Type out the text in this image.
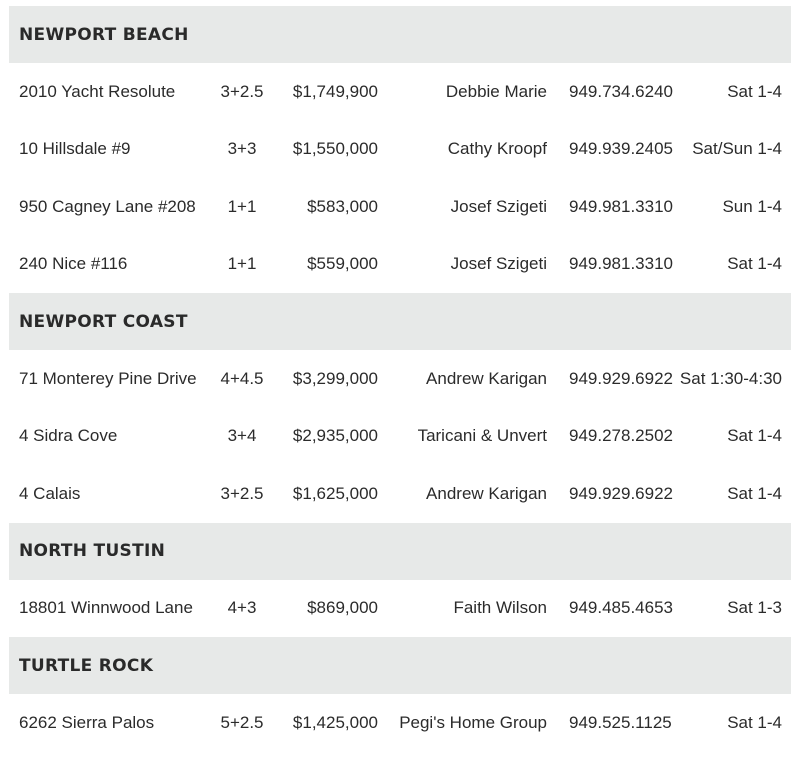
NEWPORT BEACH
2010 Yacht Resolute	3+2.5	$1,749,900	Debbie Marie 949.734.6240	Sat 1-4
10 Hillsdale #9	3+3	$1,550,000	Cathy Kroopf 949.939.2405 Sat/Sun 1-4
950 Cagney Lane #208	1+1	$583,000	Josef Szigeti 949.981.3310	Sun 1-4
240 Nice #116	1+1	$559,000	Josef Szigeti 949.981.3310	Sat 1-4
NEWPORT COAST
71 Monterey Pine Drive	4+4.5	$3,299,000	Andrew Karigan 949.929.6922 Sat 1:30-4:30
4 Sidra Cove	3+4	$2,935,000 Taricani & Unvert 949.278.2502	Sat 1-4
4 Calais	3+2.5	$1,625,000	Andrew Karigan 949.929.6922	Sat 1-4
NORTH TUSTIN
18801 Winnwood Lane	4+3	$869,000	Faith Wilson 949.485.4653	Sat 1-3
TURTLE ROCK
6262 Sierra Palos	5+2.5	$1,425,000 Pegi's Home Group 949.525.1125	Sat 1-4
